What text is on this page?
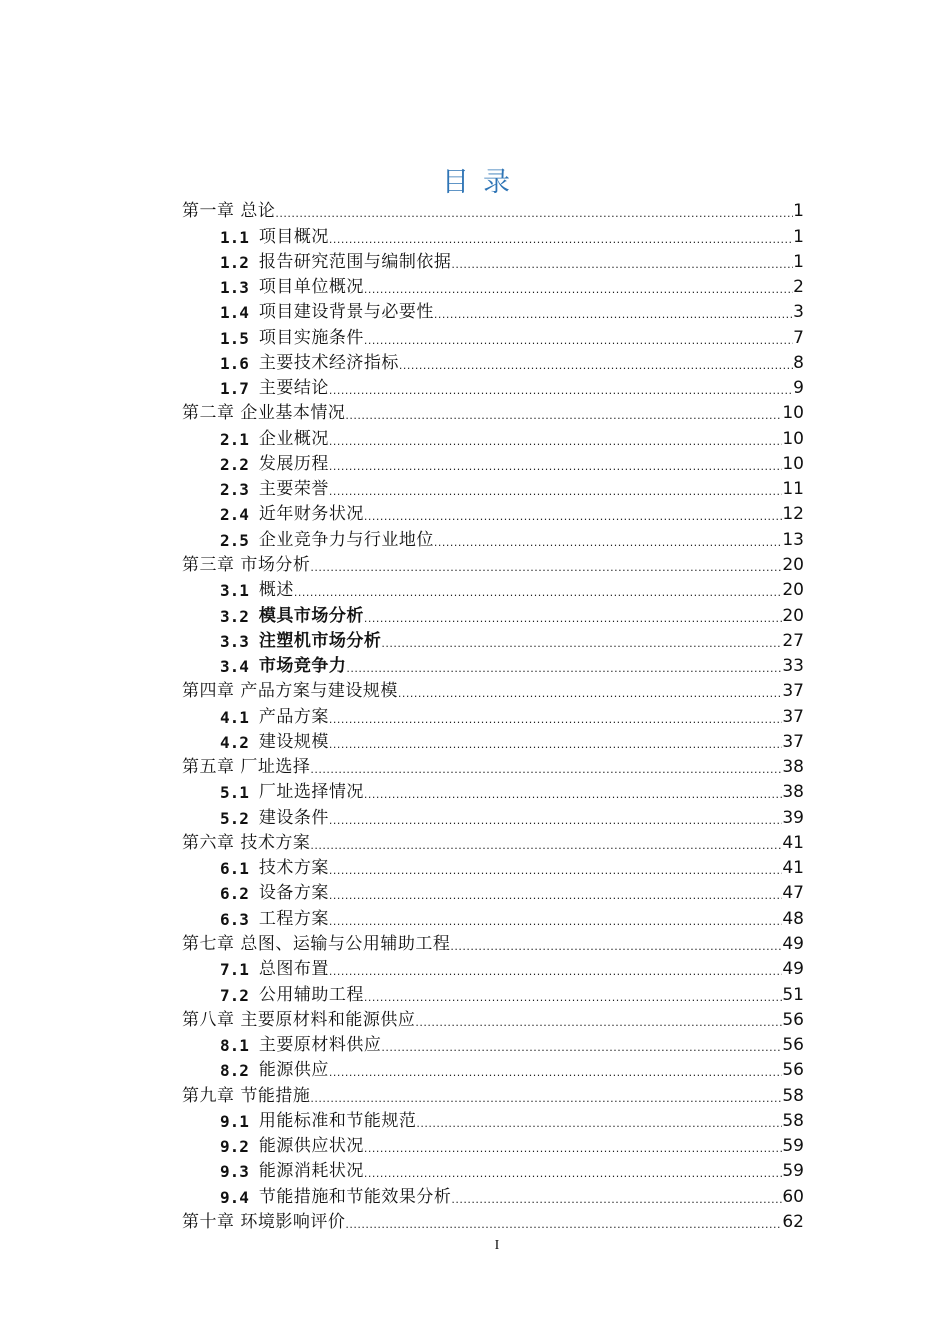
目录
第一章 总论
.....	1
1.1 项目概况
.....	1
1.2 报告研究范围与编制依据
.....	1
1.3 项目单位概况
.....	2
1.4 项目建设背景与必要性
.....	3
1.5 项目实施条件
.....	7
1.6 主要技术经济指标
.....	8
1.7 主要结论
.....	9
第二章 企业基本情况
.....	10
2.1 企业概况
.....	10
2.2 发展历程
.....	10
2.3 主要荣誉
.....	11
2.4 近年财务状况
.....	12
2.5 企业竞争力与行业地位
.....	13
第三章 市场分析
.....	20
3.1 概述
.....	20
3.2 模具市场分析
.....	20
3.3 注塑机市场分析
.....	27
3.4 市场竞争力
.....	33
第四章 产品方案与建设规模
.....	37
4.1 产品方案
.....	37
4.2 建设规模
.....	37
第五章 厂址选择
.....	38
5.1 厂址选择情况
.....	38
5.2 建设条件
.....	39
第六章 技术方案
.....	41
6.1 技术方案
.....	41
6.2 设备方案
.....	47
6.3 工程方案
.....	48
第七章 总图、运输与公用辅助工程
.....	49
7.1 总图布置
.....	49
7.2 公用辅助工程
.....	51
第八章 主要原材料和能源供应
.....	56
8.1 主要原材料供应
.....	56
8.2 能源供应
.....	56
第九章 节能措施
.....	58
9.1 用能标准和节能规范
.....	58
9.2 能源供应状况
.....	59
9.3 能源消耗状况
.....	59
9.4 节能措施和节能效果分析
.....	60
第十章 环境影响评价
.....	62
I
